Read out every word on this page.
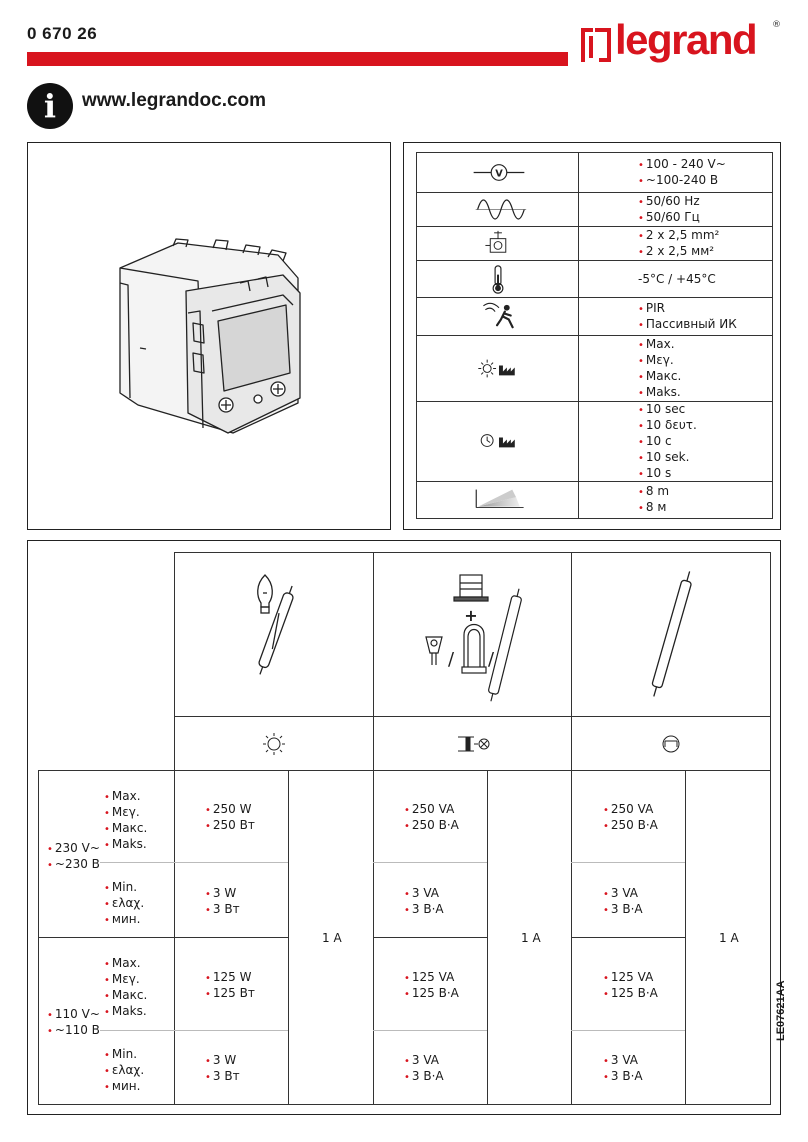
0 670 26	legrand ®
i	www.legrandoc.com
V
• 100 - 240 V~
• ~100-240 В
• 50/60 Hz
• 50/60 Гц
• 2 x 2,5 mm²
• 2 x 2,5 мм²
-5°C / +45°C
• PIR
• Пассивный ИК
• Max.
• Mεγ.
• Макс.
• Maks.
• 10 sec
• 10 δευτ.
• 10 с
• 10 sek.
• 10 s
• 8 m
• 8 м
+
/ /
• Max.
• Mεγ.
• Макс.
• Maks.
• 230 V~
• ~230 В
• Min.
• ελαχ.
• мин.
• Max.
• Mεγ.
• Макс.
• Maks.
• 110 V~
• ~110 В
• Min.
• ελαχ.
• мин.
• 250 W
• 250 Вт
• 3 W
• 3 Вт
• 125 W
• 125 Вт
• 3 W
• 3 Вт
1 A
• 250 VA
• 250 В·А
• 3 VA
• 3 В·А
• 125 VA
• 125 В·А
• 3 VA
• 3 В·А
1 A
• 250 VA
• 250 В·А
• 3 VA
• 3 В·А
• 125 VA
• 125 В·А
• 3 VA
• 3 В·А
1 A
LE07621AA
